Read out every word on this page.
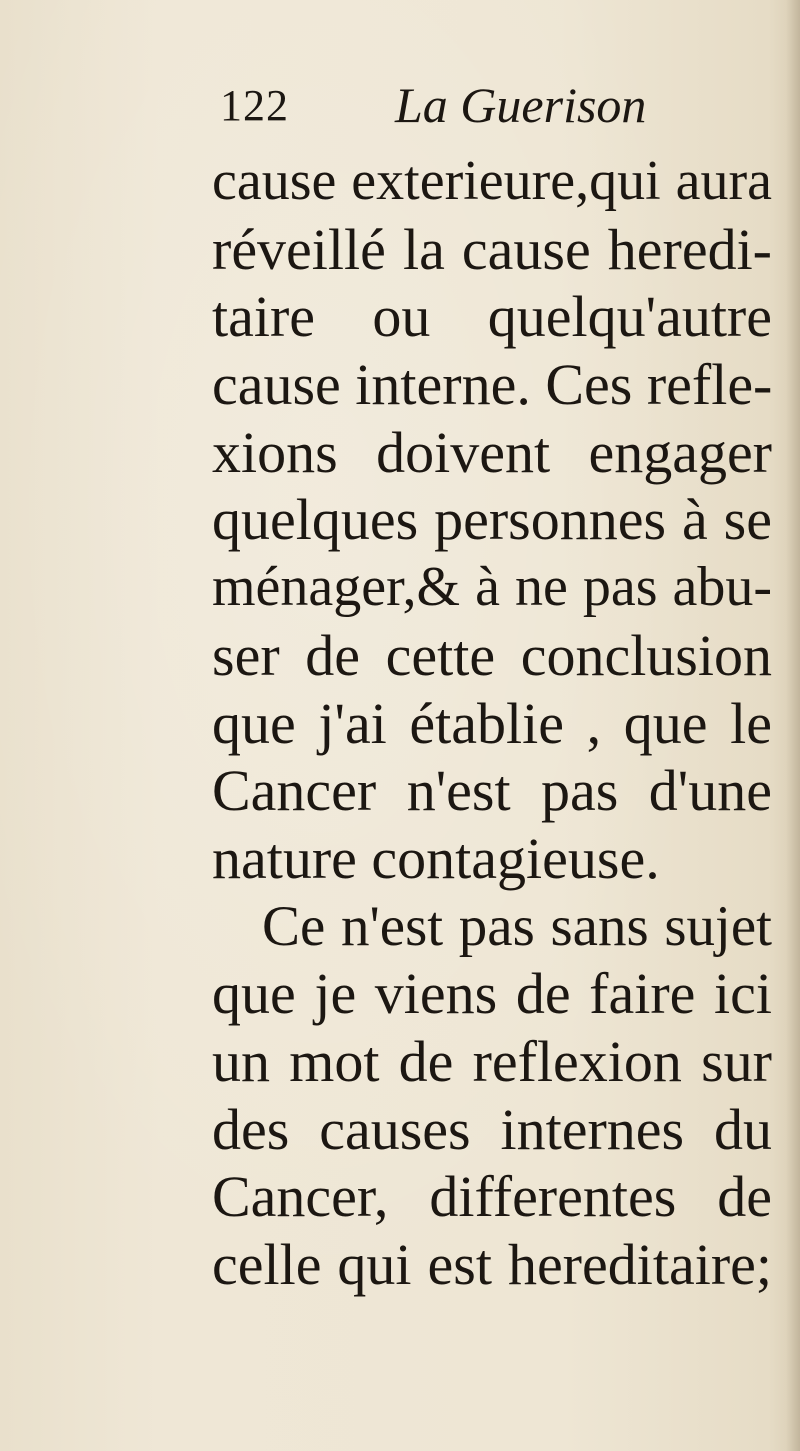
122 La Guerison
cause exterieure,qui aura
réveillé la cause heredi-
taire ou quelqu'autre
cause interne. Ces refle-
xions doivent engager
quelques personnes à se
ménager,& à ne pas abu-
ser de cette conclusion
que j'ai établie , que le
Cancer n'est pas d'une
nature contagieuse.
Ce n'est pas sans sujet
que je viens de faire ici
un mot de reflexion sur
des causes internes du
Cancer, differentes de
celle qui est hereditaire;
